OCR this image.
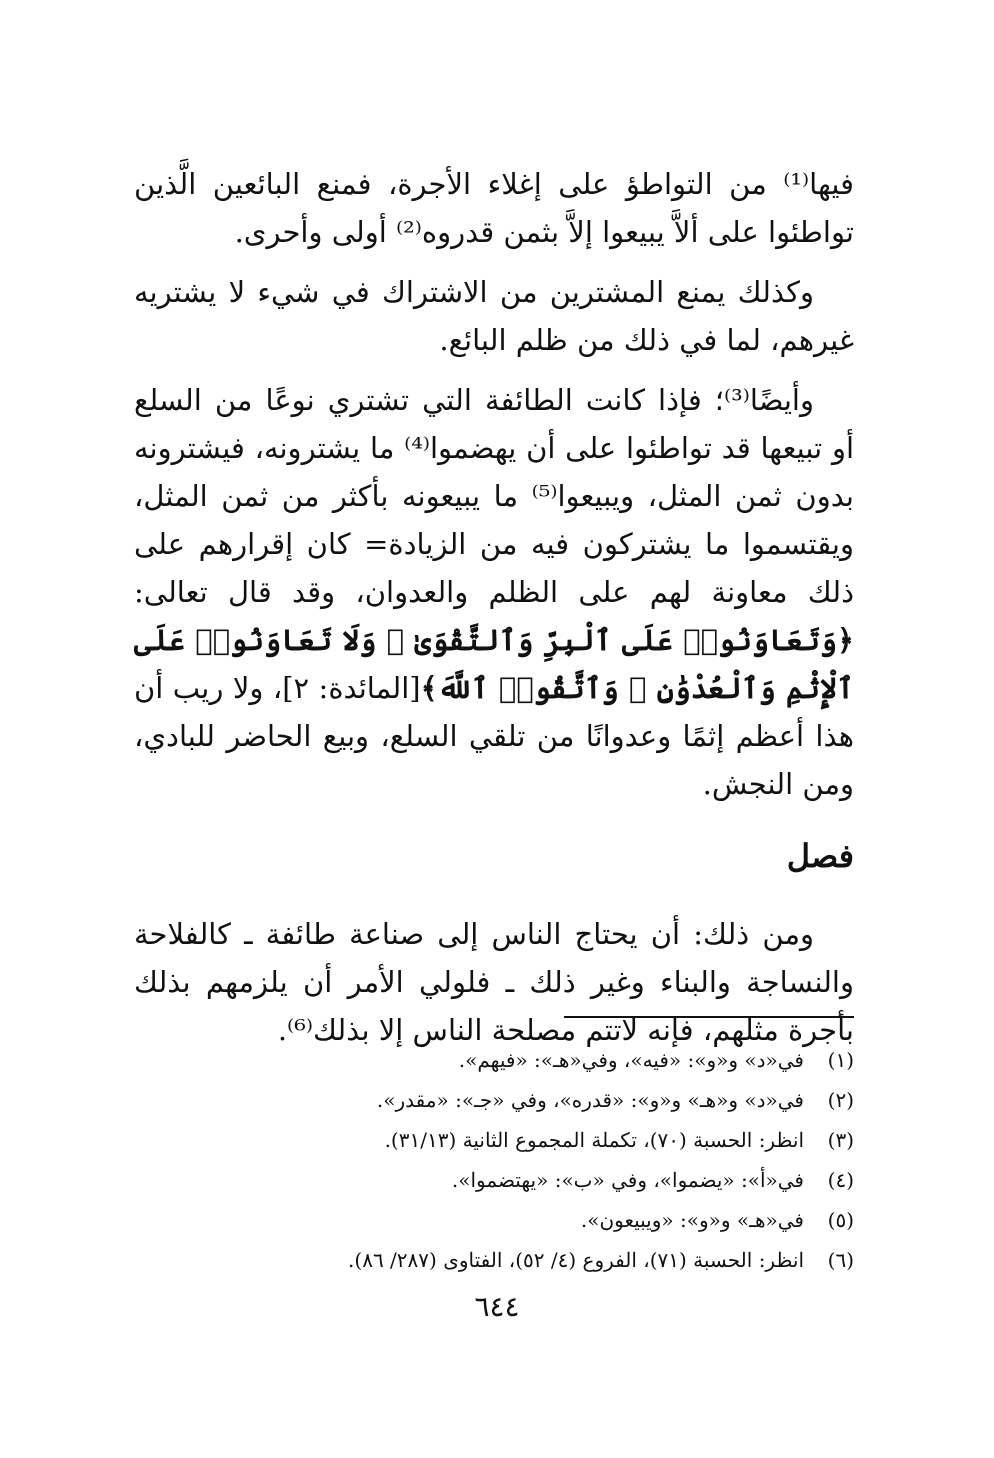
فيها⁽¹⁾ من التواطؤ على إغلاء الأجرة، فمنع البائعين الَّذين تواطئوا على ألاَّ يبيعوا إلاَّ بثمن قدروه⁽²⁾ أولى وأحرى.

وكذلك يمنع المشترين من الاشتراك في شيء لا يشتريه غيرهم، لما في ذلك من ظلم البائع.

وأيضًا⁽³⁾؛ فإذا كانت الطائفة التي تشتري نوعًا من السلع أو تبيعها قد تواطئوا على أن يهضموا⁽⁴⁾ ما يشترونه، فيشترونه بدون ثمن المثل، ويبيعوا⁽⁵⁾ ما يبيعونه بأكثر من ثمن المثل، ويقتسموا ما يشتركون فيه من الزيادة= كان إقرارهم على ذلك معاونة لهم على الظلم والعدوان، وقد قال تعالى: ﴿وَتَعَاوَنُوا۟ عَلَى ٱلْبِرِّ وَٱلتَّقْوَىٰ ۖ وَلَا تَعَاوَنُوا۟ عَلَى ٱلْإِثْمِ وَٱلْعُدْوَٰنِ ۚ وَٱتَّقُوا۟ ٱللَّهَ﴾[المائدة: ٢]، ولا ريب أن هذا أعظم إثمًا وعدوانًا من تلقي السلع، وبيع الحاضر للبادي، ومن النجش.

فصل

ومن ذلك: أن يحتاج الناس إلى صناعة طائفة ـ كالفلاحة والنساجة والبناء وغير ذلك ـ فلولي الأمر أن يلزمهم بذلك بأجرة مثلهم، فإنه لاتتم مصلحة الناس إلا بذلك⁽⁶⁾.

(١)
في«د» و«و»: «فيه»، وفي«هـ»: «فيهم».
(٢)
في«د» و«هـ» و«و»: «قدره»، وفي «جـ»: «مقدر».
(٣)
انظر: الحسبة (٧٠)، تكملة المجموع الثانية (٣١/١٣).
(٤)
في«أ»: «يضموا»، وفي «ب»: «يهتضموا».
(٥)
في«هـ» و«و»: «ويبيعون».
(٦)
انظر: الحسبة (٧١)، الفروع (٤/ ٥٢)، الفتاوى (٢٨٧/ ٨٦).
٦٤٤
